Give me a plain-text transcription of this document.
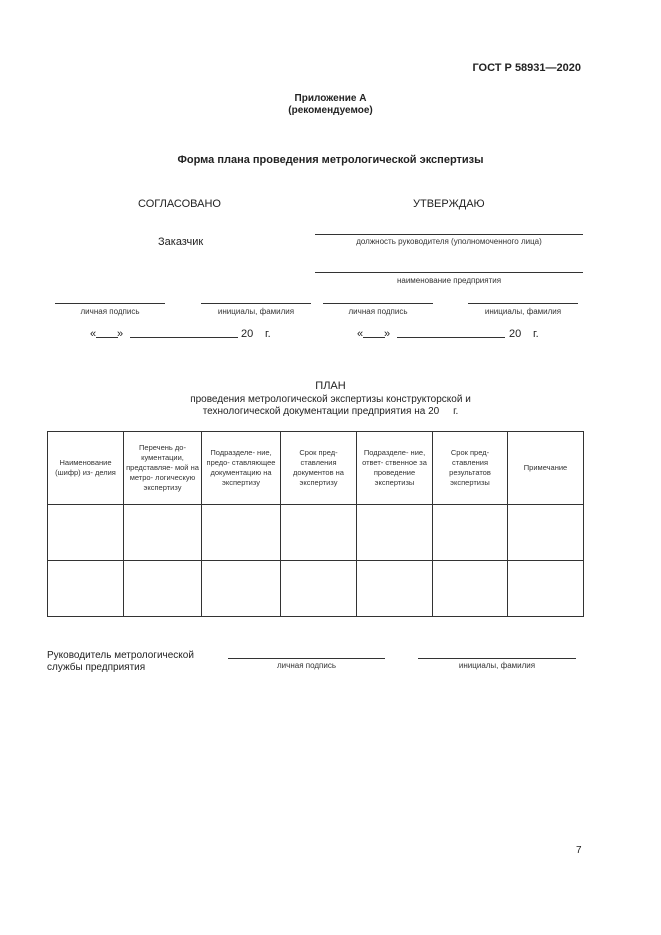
ГОСТ Р 58931—2020
Приложение А
(рекомендуемое)
Форма плана проведения метрологической экспертизы
СОГЛАСОВАНО	УТВЕРЖДАЮ
Заказчик	должность руководителя (уполномоченного лица)
наименование предприятия
личная подпись	инициалы, фамилия	личная подпись	инициалы, фамилия
« »	20 г.	« »	20 г.
ПЛАН
проведения метрологической экспертизы конструкторской и
технологической документации предприятия на 20     г.
Наименование (шифр) из- делия	Перечень до- кументации, представляе- мой на метро- логическую экспертизу	Подразделе- ние, предо- ставляющее документацию на экспертизу	Срок пред- ставления документов на экспертизу	Подразделе- ние, ответ- ственное за проведение экспертизы	Срок пред- ставления результатов экспертизы	Примечание

Руководитель метрологической
службы предприятия	личная подпись	инициалы, фамилия
7
